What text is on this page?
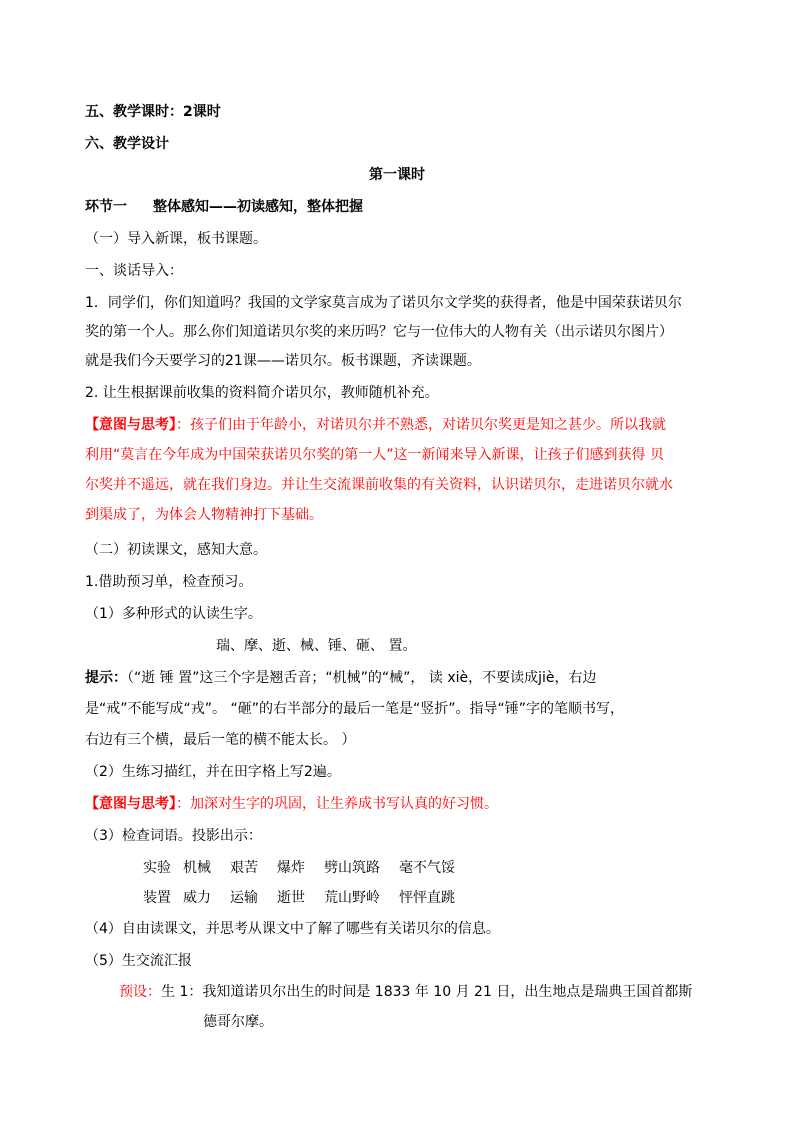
五、教学课时：2课时
六、教学设计
第一课时
环节一 整体感知——初读感知，整体把握
（一）导入新课，板书课题。
一、谈话导入：
1．同学们，你们知道吗？我国的文学家莫言成为了诺贝尔文学奖的获得者，他是中国荣获诺贝尔
奖的第一个人。那么你们知道诺贝尔奖的来历吗？它与一位伟大的人物有关（出示诺贝尔图片）
就是我们今天要学习的21课——诺贝尔。板书课题，齐读课题。
2. 让生根据课前收集的资料简介诺贝尔，教师随机补充。
【意图与思考】：孩子们由于年龄小，对诺贝尔并不熟悉，对诺贝尔奖更是知之甚少。所以我就
利用“莫言在今年成为中国荣获诺贝尔奖的第一人”这一新闻来导入新课，让孩子们感到获得 贝
尔奖并不遥远，就在我们身边。并让生交流课前收集的有关资料，认识诺贝尔，走进诺贝尔就水
到渠成了，为体会人物精神打下基础。
（二）初读课文，感知大意。
1.借助预习单，检查预习。
（1）多种形式的认读生字。
瑞、摩、逝、械、锤、砸、 置。
提示：（“逝 锤 置”这三个字是翘舌音；“机械”的“械”， 读 xiè，不要读成jiè，右边
是“戒”不能写成“戎”。 “砸”的右半部分的最后一笔是“竖折”。指导“锤”字的笔顺书写，
右边有三个横，最后一笔的横不能太长。 ）
（2）生练习描红，并在田字格上写2遍。
【意图与思考】：加深对生字的巩固，让生养成书写认真的好习惯。
（3）检查词语。投影出示：
实验 机械 艰苦 爆炸 劈山筑路 毫不气馁
装置 威力 运输 逝世 荒山野岭 怦怦直跳
（4）自由读课文，并思考从课文中了解了哪些有关诺贝尔的信息。
（5）生交流汇报
预设：生 1：我知道诺贝尔出生的时间是 1833 年 10 月 21 日，出生地点是瑞典王国首都斯
德哥尔摩。
